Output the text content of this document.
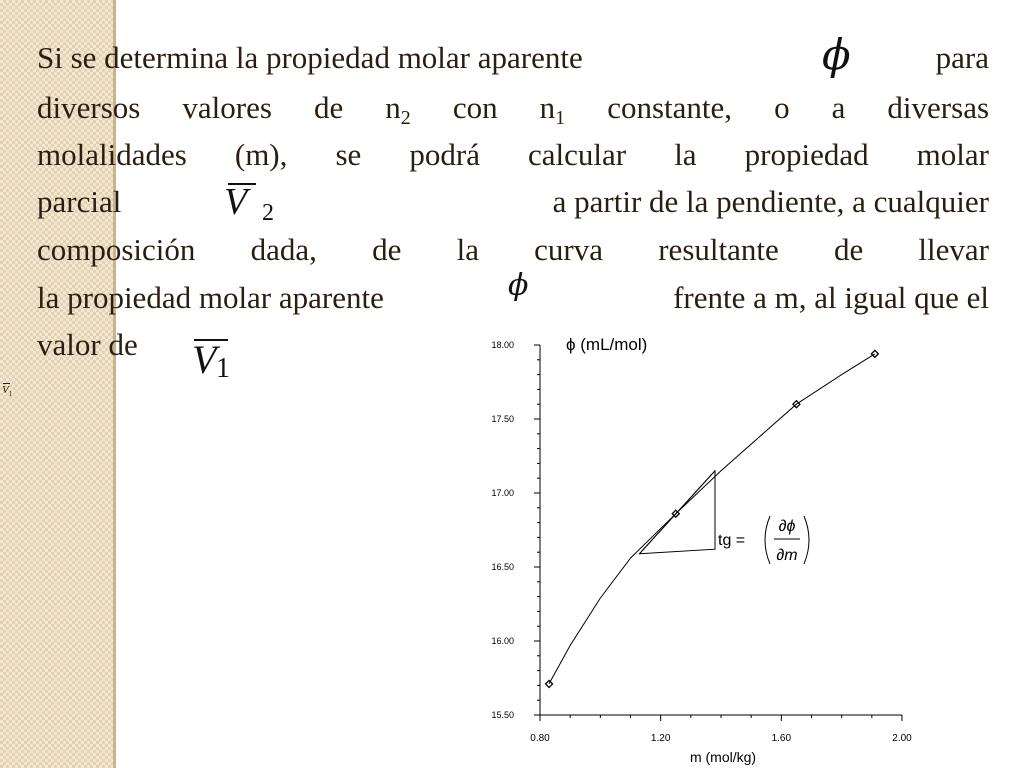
$V_1$
Si se determina la propiedad molar aparente	para
ϕ
diversos valores de $n_2$ con $n_1$ constante, o a diversas
molalidades (m), se podrá calcular la propiedad molar
parcial	a partir de la pendiente, a cualquier
V 2
composición dada, de la curva resultante de llevar
la propiedad molar aparente	frente a m, al igual que el
ϕ
valor de V 1
0.80	1.20	1.60	2.00
15.50
16.00
16.50
17.00
17.50
18.00	ϕ (mL/mol)
m (mol/kg)
tg =
∂ϕ
∂m
